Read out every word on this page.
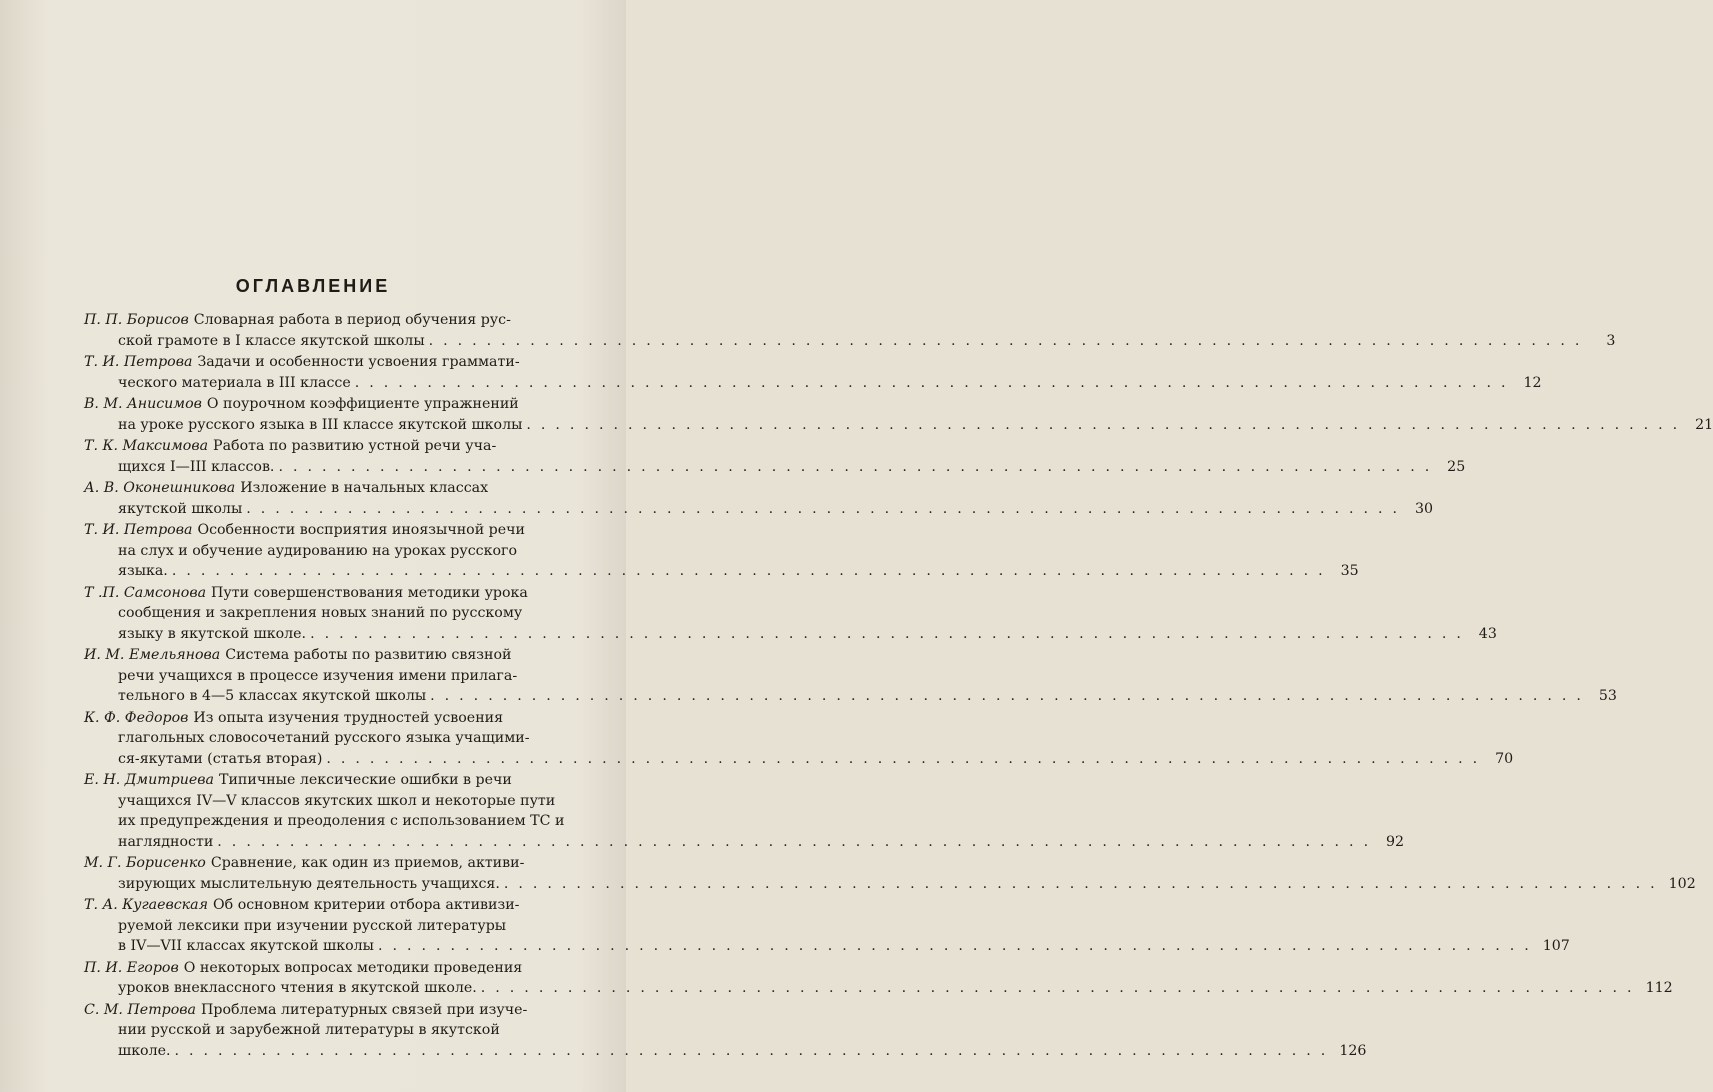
ОГЛАВЛЕНИЕ
П. П. Борисов Словарная работа в период обучения рус-
ской грамоте в I классе якутской школы ................................................................................	3
Т. И. Петрова Задачи и особенности усвоения граммати-
ческого материала в III классе ................................................................................ 12
В. М. Анисимов О поурочном коэффициенте упражнений
на уроке русского языка в III классе якутской школы ................................................................................ 21
Т. К. Максимова Работа по развитию устной речи уча-
щихся I—III классов. ................................................................................ 25
А. В. Оконешникова Изложение в начальных классах
якутской школы ................................................................................ 30
Т. И. Петрова Особенности восприятия иноязычной речи
на слух и обучение аудированию на уроках русского
языка. ................................................................................ 35
Т .П. Самсонова Пути совершенствования методики урока
сообщения и закрепления новых знаний по русскому
языку в якутской школе. ................................................................................ 43
И. М. Емельянова Система работы по развитию связной
речи учащихся в процессе изучения имени прилага-
тельного в 4—5 классах якутской школы ................................................................................ 53
К. Ф. Федоров Из опыта изучения трудностей усвоения
глагольных словосочетаний русского языка учащими-
ся-якутами (статья вторая) ................................................................................ 70
Е. Н. Дмитриева Типичные лексические ошибки в речи
учащихся IV—V классов якутских школ и некоторые пути
их предупреждения и преодоления с использованием ТС и
наглядности ................................................................................ 92
М. Г. Борисенко Сравнение, как один из приемов, активи-
зирующих мыслительную деятельность учащихся. ................................................................................ 102
Т. А. Кугаевская Об основном критерии отбора активизи-
руемой лексики при изучении русской литературы
в IV—VII классах якутской школы ................................................................................ 107
П. И. Егоров О некоторых вопросах методики проведения
уроков внеклассного чтения в якутской школе. ................................................................................ 112
С. М. Петрова Проблема литературных связей при изуче-
нии русской и зарубежной литературы в якутской
школе. ................................................................................ 126
